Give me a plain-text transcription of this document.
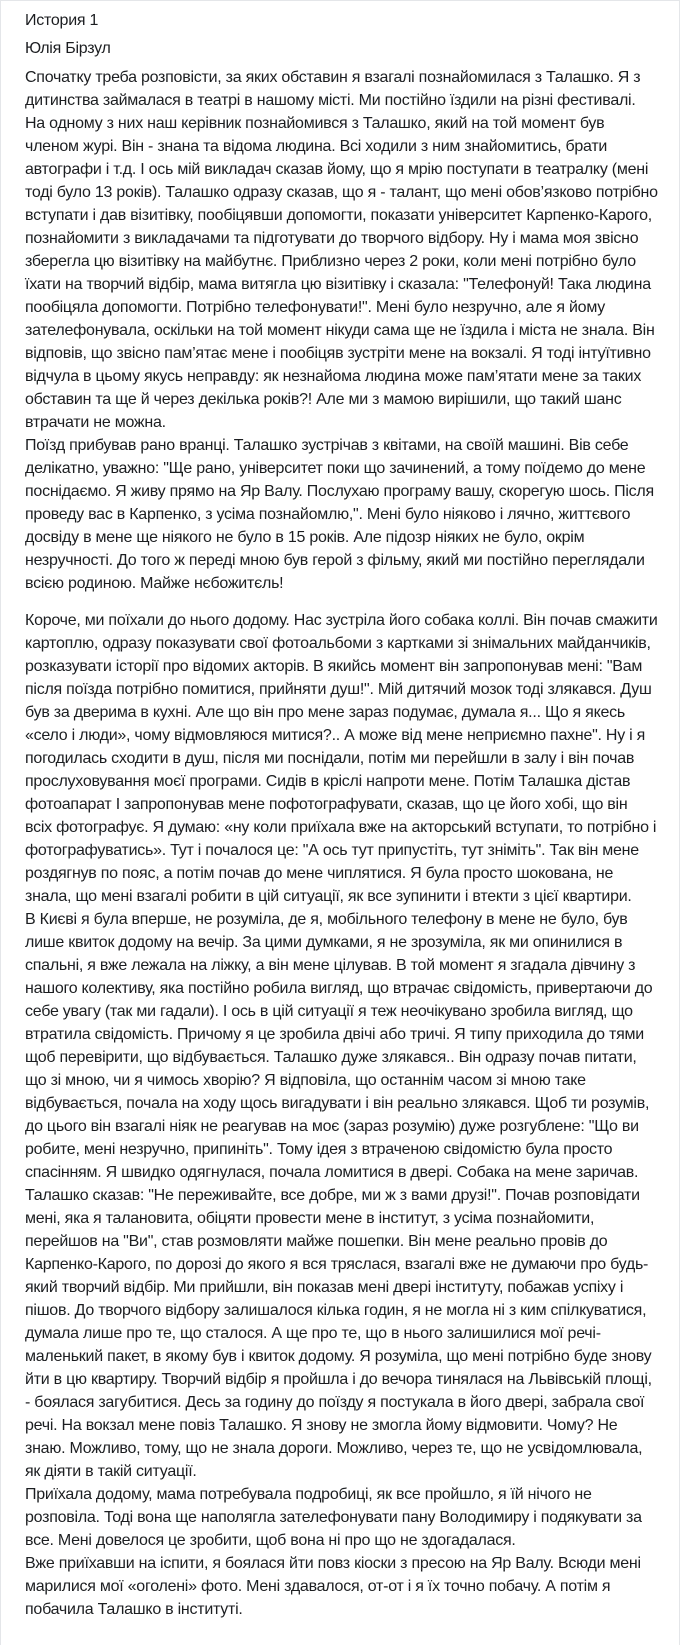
История 1

Юлія Бірзул

Спочатку треба розповісти, за яких обставин я взагалі познайомилася з Талашко. Я з дитинства займалася в театрі в нашому місті. Ми постійно їздили на різні фестивалі. На одному з них наш керівник познайомився з Талашко, який на той момент був членом журі. Він - знана та відома людина. Всі ходили з ним знайомитись, брати автографи і т.д. І ось мій викладач сказав йому, що я мрію поступати в театралку (мені тоді було 13 років). Талашко одразу сказав, що я - талант, що мені обов’язково потрібно вступати і дав візитівку, пообіцявши допомогти, показати університет Карпенко-Карого, познайомити з викладачами та підготувати до творчого відбору. Ну і мама моя звісно зберегла цю візитівку на майбутнє. Приблизно через 2 роки, коли мені потрібно було їхати на творчий відбір, мама витягла цю візитівку і сказала: "Телефонуй! Така людина пообіцяла допомогти. Потрібно телефонувати!". Мені було незручно, але я йому зателефонувала, оскільки на той момент нікуди сама ще не їздила і міста не знала. Він відповів, що звісно пам’ятає мене і пообіцяв зустріти мене на вокзалі. Я тоді інтуїтивно відчула в цьому якусь неправду: як незнайома людина може пам’ятати мене за таких обставин та ще й через декілька років?! Але ми з мамою вирішили, що такий шанс втрачати не можна.

Поїзд прибував рано вранці. Талашко зустрічав з квітами, на своїй машині. Вів себе делікатно, уважно: "Ще рано, університет поки що зачинений, а тому поїдемо до мене поснідаємо. Я живу прямо на Яр Валу. Послухаю програму вашу, скорегую шось. Після проведу вас в Карпенко, з усіма познайомлю,". Мені було ніяково і лячно, життєвого досвіду в мене ще ніякого не було в 15 років. Але підозр ніяких не було, окрім незручності. До того ж переді мною був герой з фільму, який ми постійно переглядали всією родиною. Майже нєбожитєль!

Короче, ми поїхали до нього додому. Нас зустріла його собака коллі. Він почав смажити картоплю, одразу показувати свої фотоальбоми з картками зі знімальних майданчиків, розказувати історії про відомих акторів. В якийсь момент він запропонував мені: "Вам після поїзда потрібно помитися, прийняти душ!". Мій дитячий мозок тоді злякався. Душ був за дверима в кухні. Але що він про мене зараз подумає, думала я... Що я якесь «село і люди», чому відмовляюся митися?.. А може від мене неприємно пахне". Ну і я погодилась сходити в душ, після ми поснідали, потім ми перейшли в залу і він почав прослуховування моєї програми. Сидів в кріслі напроти мене. Потім Талашка дістав фотоапарат І запропонував мене пофотографувати, сказав, що це його хобі, що він всіх фотографує. Я думаю: «ну коли приїхала вже на акторський вступати, то потрібно і фотографуватись». Тут і почалося це: "А ось тут припустіть, тут зніміть". Так він мене роздягнув по пояс, а потім почав до мене чиплятися. Я була просто шокована, не знала, що мені взагалі робити в цій ситуації, як все зупинити і втекти з цієї квартири.

В Києві я була вперше, не розуміла, де я, мобільного телефону в мене не було, був лише квиток додому на вечір. За цими думками, я не зрозуміла, як ми опинилися в спальні, я вже лежала на ліжку, а він мене цілував. В той момент я згадала дівчину з нашого колективу, яка постійно робила вигляд, що втрачає свідомість, привертаючи до себе увагу (так ми гадали). І ось в цій ситуації я теж неочікувано зробила вигляд, що втратила свідомість. Причому я це зробила двічі або тричі. Я типу приходила до тями щоб перевірити, що відбувається. Талашко дуже злякався.. Він одразу почав питати, що зі мною, чи я чимось хворію? Я відповіла, що останнім часом зі мною таке відбувається, почала на ходу щось вигадувати і він реально злякався. Щоб ти розумів, до цього він взагалі ніяк не реагував на моє (зараз розумію) дуже розгублене: "Що ви робите, мені незручно, припиніть". Тому ідея з втраченою свідомістю була просто спасінням. Я швидко одягнулася, почала ломитися в двері. Собака на мене заричав. Талашко сказав: "Не переживайте, все добре, ми ж з вами друзі!". Почав розповідати мені, яка я талановита, обіцяти провести мене в інститут, з усіма познайомити, перейшов на "Ви", став розмовляти майже пошепки. Він мене реально провів до Карпенко-Карого, по дорозі до якого я вся тряслася, взагалі вже не думаючи про будь-який творчий відбір. Ми прийшли, він показав мені двері інституту, побажав успіху і пішов. До творчого відбору залишалося кілька годин, я не могла ні з ким спілкуватися, думала лише про те, що сталося. А ще про те, що в нього залишилися мої речі- маленький пакет, в якому був і квиток додому. Я розуміла, що мені потрібно буде знову йти в цю квартиру. Творчий відбір я пройшла і до вечора тинялася на Львівській площі, - боялася загубитися. Десь за годину до поїзду я постукала в його двері, забрала свої речі. На вокзал мене повіз Талашко. Я знову не змогла йому відмовити. Чому? Не знаю. Можливо, тому, що не знала дороги. Можливо, через те, що не усвідомлювала, як діяти в такій ситуації.

Приїхала додому, мама потребувала подробиці, як все пройшло, я їй нічого не розповіла. Тоді вона ще наполягла зателефонувати пану Володимиру і подякувати за все. Мені довелося це зробити, щоб вона ні про що не здогадалася.

Вже приїхавши на іспити, я боялася йти повз кіоски з пресою на Яр Валу. Всюди мені марилися мої «оголені» фото. Мені здавалося, от-от і я їх точно побачу. А потім я побачила Талашко в інституті.
